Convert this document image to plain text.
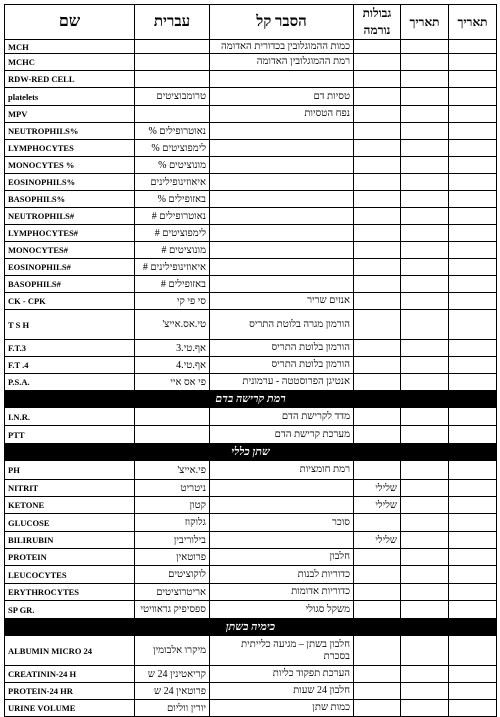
שם	עברית	הסבר קל	גבולות נורמה	תאריך	תאריך
MCH		כמות ההמוגלובין בכדורית האדומה			
MCHC		רמת ההמוגלובין האדומה			
RDW-RED CELL					
platelets	טרומבוציטים	טסיות דם			
MPV		נפח הטסיות			
NEUTROPHILS%	נאוטרופילים %				
LYMPHOCYTES	לימפוציטים %				
MONOCYTES %	מונוציטים %				
EOSINOPHILS%	איאוזינופילינים				
BASOPHILS%	באזופילים %				
NEUTROPHILS#	נאוטרופילים #				
LYMPHOCYTES#	לימפוציטים #				
MONOCYTES#	מונוציטים #				
EOSINOPHILS#	איאוזינופילינים #				
BASOPHILS#	באזופילים #				
CK - CPK	סי פי קי	אנזים שריר			
T S H	טי.אס.אייצ'	הורמון מגרה בלוטת התריס			
F.T.3	אף.טי.3	הורמון בלוטת התריס			
F.T .4	אף.טי.4	הורמון בלוטת התריס			
P.S.A.	פי אס איי	אנטיגן הפרוסטטה - ערמונית			
רמת קרישה בדם					
I.N.R.		מדד לקרישת הדם			
PTT		מערכת קרישת הדם			
שתן כללי					
PH	פי.אייצ'	רמת חומציות			
NITRIT	ניטריט		שלילי		
KETONE	קטון		שלילי		
GLUCOSE	גלוקוז	סוכר			
BILIRUBIN	בילוריבין		שלילי		
PROTEIN	פרוטאין	חלבון			
LEUCOCYTES	לוקוציטים	כדוריות לבנות			
ERYTHROCYTES	אריטרוציטים	כדוריות אדומות			
SP GR.	ספסיפיק גראוויטי	משקל סגולי			
כימיה בשתן					
ALBUMIN MICRO 24	מיקרו אלבומין	חלבון בשתן – מגיעה כלייתית בסכרת			
CREATININ-24 H	קריאטינין 24 ש	הערכת תפקוד כליות			
PROTEIN-24 HR	פרוטאין 24 ש	חלבון 24 שעות			
URINE VOLUME	יורין ווליום	כמות שתן			
